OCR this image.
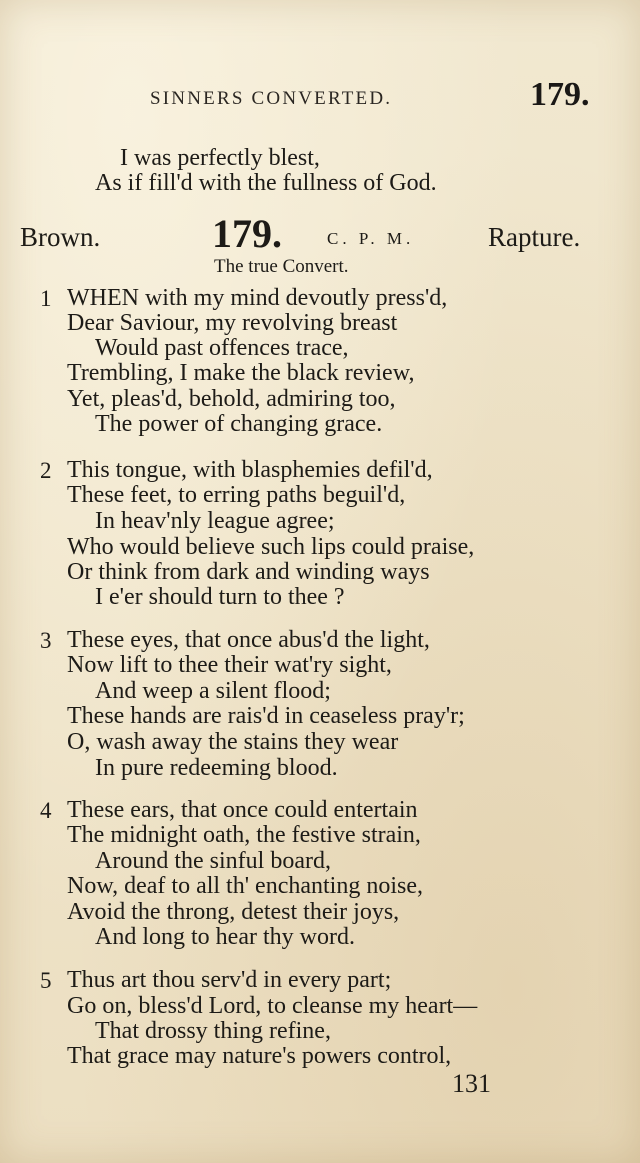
SINNERS CONVERTED.	179.
I was perfectly blest,
As if fill'd with the fullness of God.
Brown.	179.	C. P. M.	Rapture.
The true Convert.
1 WHEN with my mind devoutly press'd,
Dear Saviour, my revolving breast
Would past offences trace,
Trembling, I make the black review,
Yet, pleas'd, behold, admiring too,
The power of changing grace.
2 This tongue, with blasphemies defil'd,
These feet, to erring paths beguil'd,
In heav'nly league agree;
Who would believe such lips could praise,
Or think from dark and winding ways
I e'er should turn to thee ?
3 These eyes, that once abus'd the light,
Now lift to thee their wat'ry sight,
And weep a silent flood;
These hands are rais'd in ceaseless pray'r;
O, wash away the stains they wear
In pure redeeming blood.
4 These ears, that once could entertain
The midnight oath, the festive strain,
Around the sinful board,
Now, deaf to all th' enchanting noise,
Avoid the throng, detest their joys,
And long to hear thy word.
5 Thus art thou serv'd in every part;
Go on, bless'd Lord, to cleanse my heart—
That drossy thing refine,
That grace may nature's powers control,
131
